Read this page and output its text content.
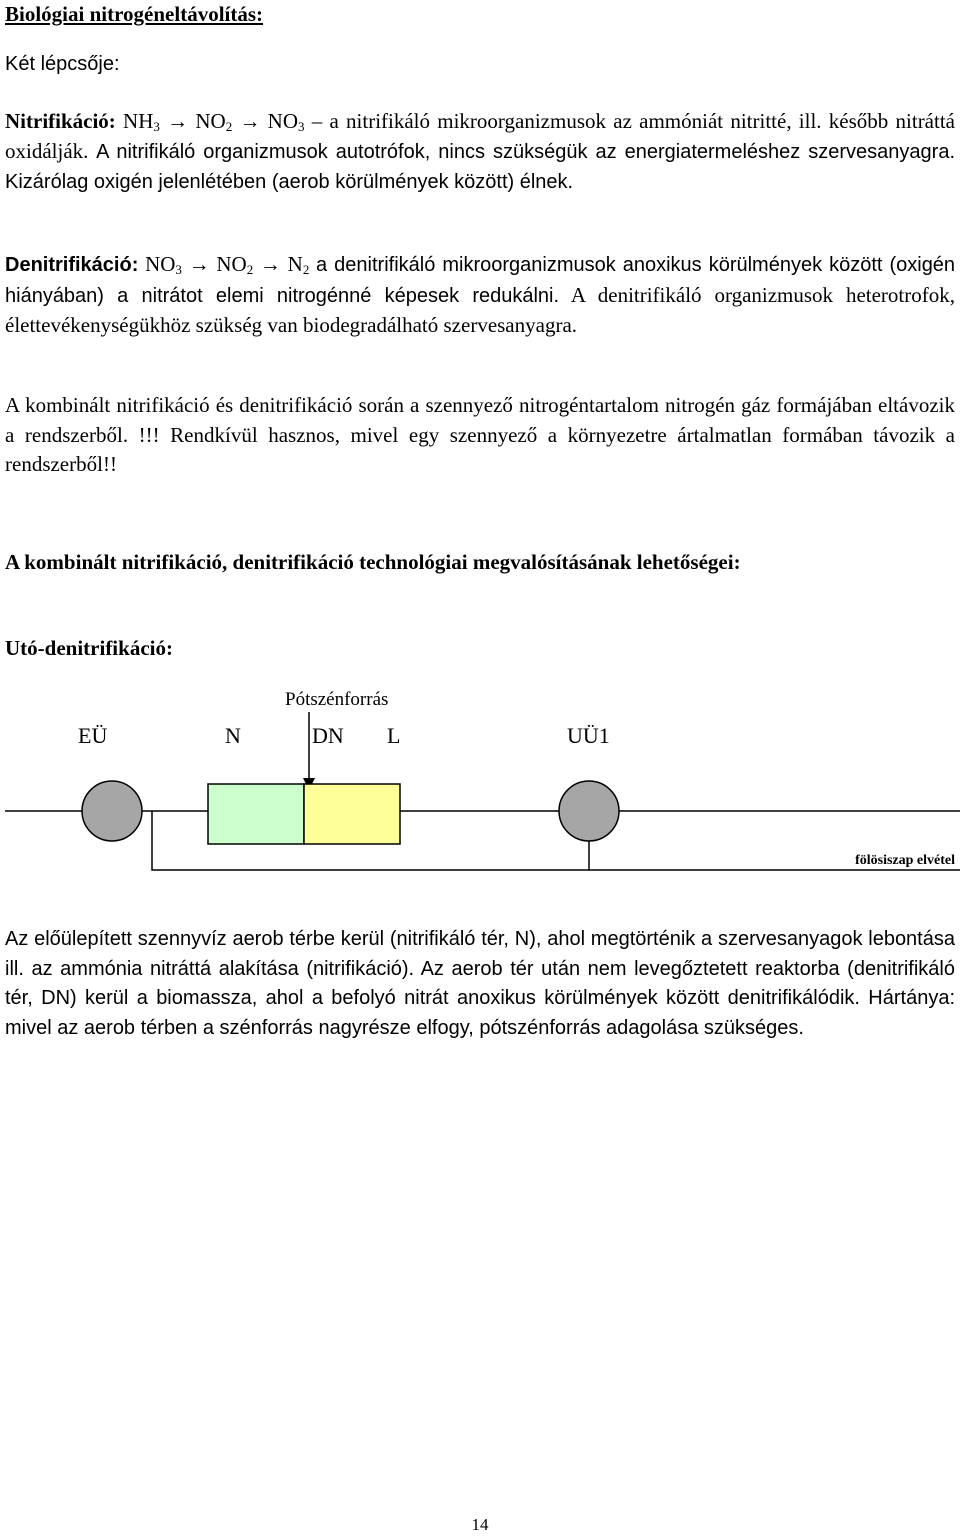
Biológiai nitrogéneltávolítás:

Két lépcsője:

Nitrifikáció: $NH_3 \to NO_2 \to NO_3 - a$ nitrifikáló mikroorganizmusok az ammóniát nitritté, ill. később nitráttá oxidálják. A nitrifikáló organizmusok autotrófok, nincs szükségük az energiatermeléshez szervesanyagra. Kizárólag oxigén jelenlétében (aerob körülmények között) élnek.

Denitrifikáció: $NO_3 \to NO_2 \to N_2$ a denitrifikáló mikroorganizmusok anoxikus körülmények között (oxigén hiányában) a nitrátot elemi nitrogénné képesek redukálni. A denitrifikáló organizmusok heterotrofok, élettevékenységükhöz szükség van biodegradálható szervesanyagra.

A kombinált nitrifikáció és denitrifikáció során a szennyező nitrogéntartalom nitrogén gáz formájában eltávozik a rendszerből. !!! Rendkívül hasznos, mivel egy szennyező a környezetre ártalmatlan formában távozik a rendszerből!!

A kombinált nitrifikáció, denitrifikáció technológiai megvalósításának lehetőségei:
Utó-denitrifikáció:
Pótszénforrás
EÜ	N	DN L	UÜ1
fölösiszap elvétel

Az előülepített szennyvíz aerob térbe kerül (nitrifikáló tér, N), ahol megtörténik a szervesanyagok lebontása ill. az ammónia nitráttá alakítása (nitrifikáció). Az aerob tér után nem levegőztetett reaktorba (denitrifikáló tér, DN) kerül a biomassza, ahol a befolyó nitrát anoxikus körülmények között denitrifikálódik. Hártánya: mivel az aerob térben a szénforrás nagyrésze elfogy, pótszénforrás adagolása szükséges.

14
